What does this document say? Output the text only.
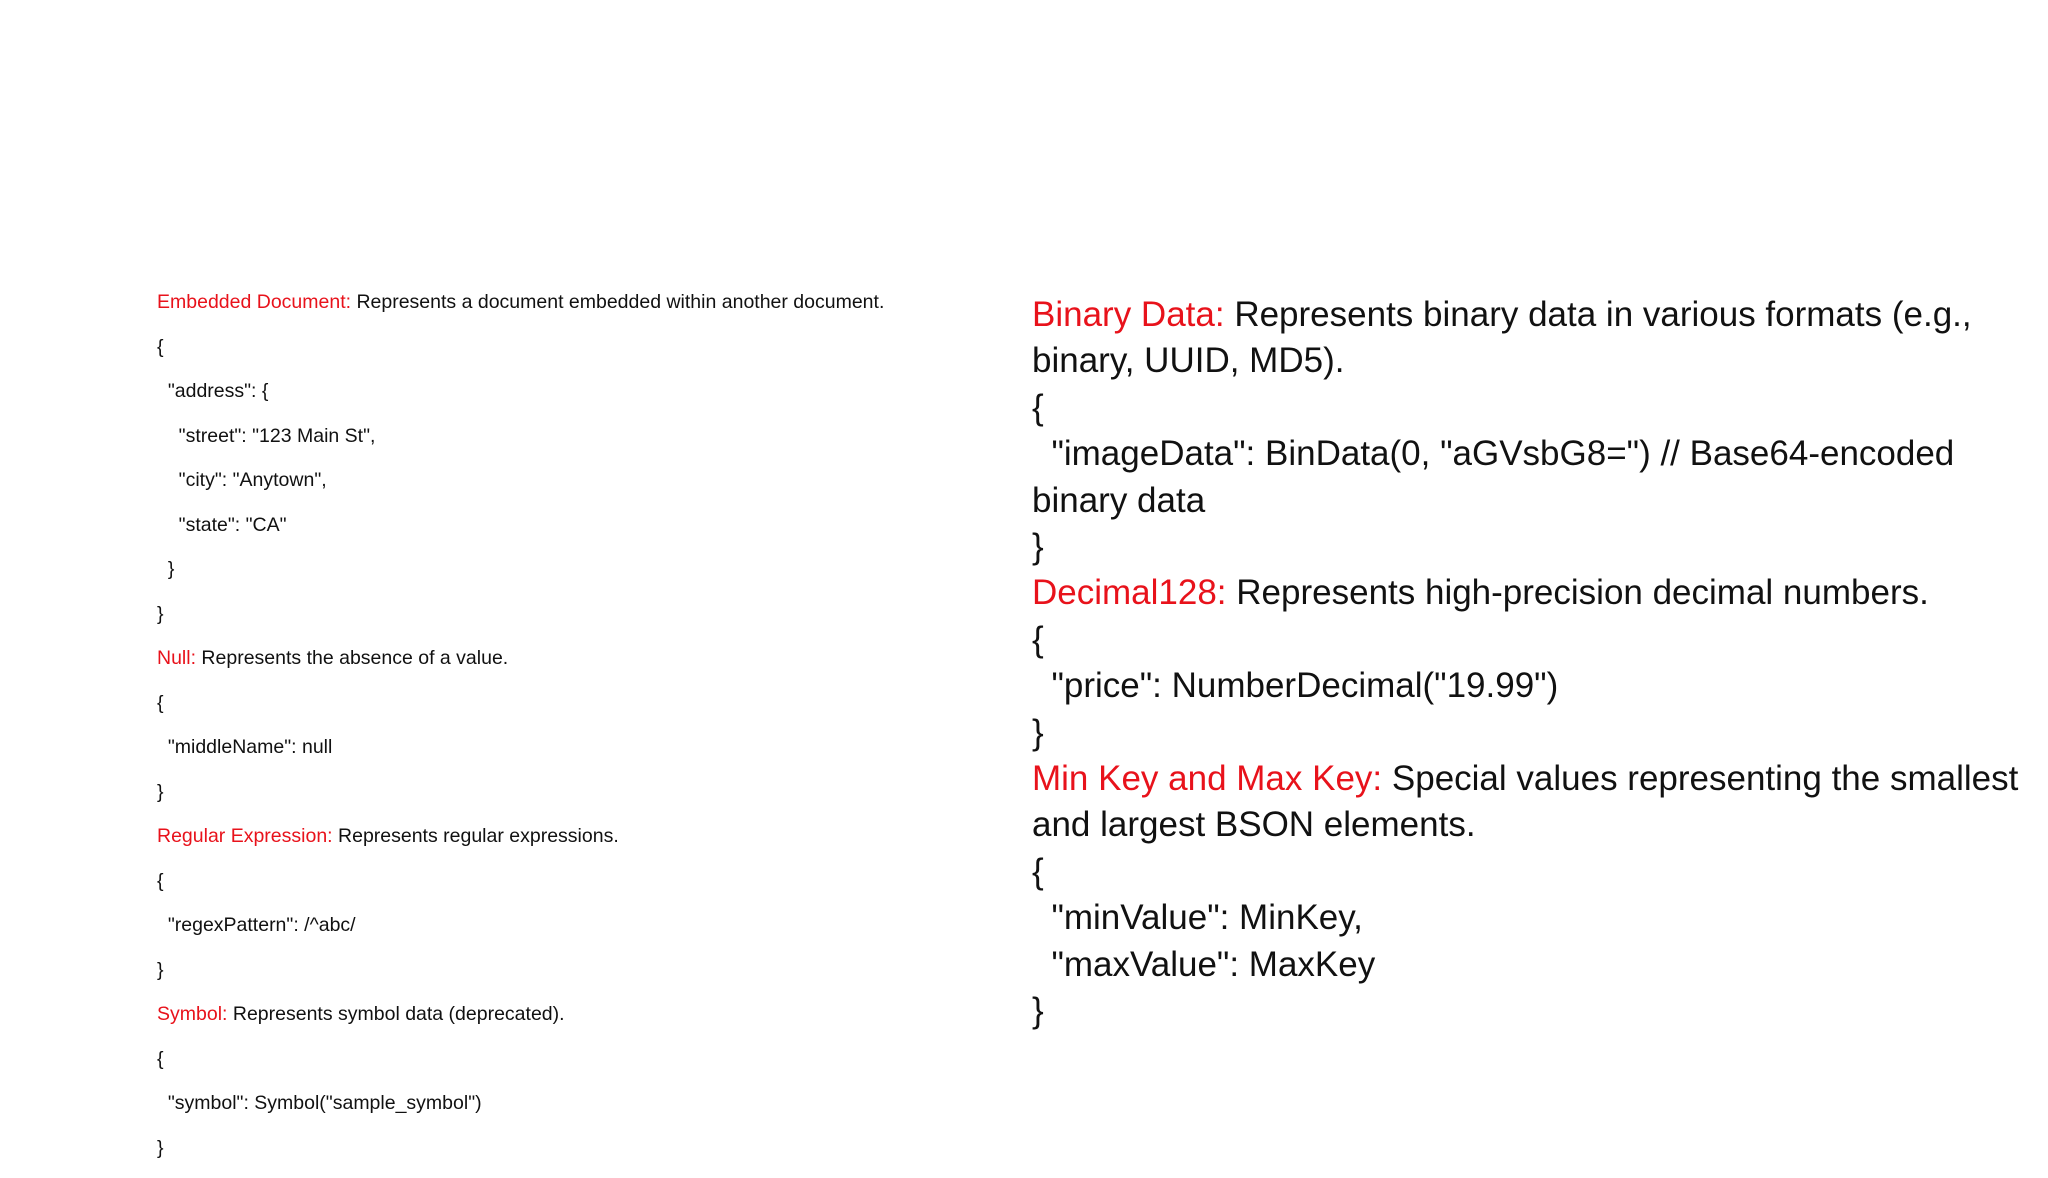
Embedded Document: Represents a document embedded within another document.
{
"address": {
"street": "123 Main St",
"city": "Anytown",
"state": "CA"
}
}
Null: Represents the absence of a value.
{
"middleName": null
}
Regular Expression: Represents regular expressions.
{
"regexPattern": /^abc/
}
Symbol: Represents symbol data (deprecated).
{
"symbol": Symbol("sample_symbol")
}
Binary Data: Represents binary data in various formats (e.g.,
binary, UUID, MD5).
{
"imageData": BinData(0, "aGVsbG8=") // Base64-encoded
binary data
}
Decimal128: Represents high-precision decimal numbers.
{
"price": NumberDecimal("19.99")
}
Min Key and Max Key: Special values representing the smallest
and largest BSON elements.
{
"minValue": MinKey,
"maxValue": MaxKey
}
